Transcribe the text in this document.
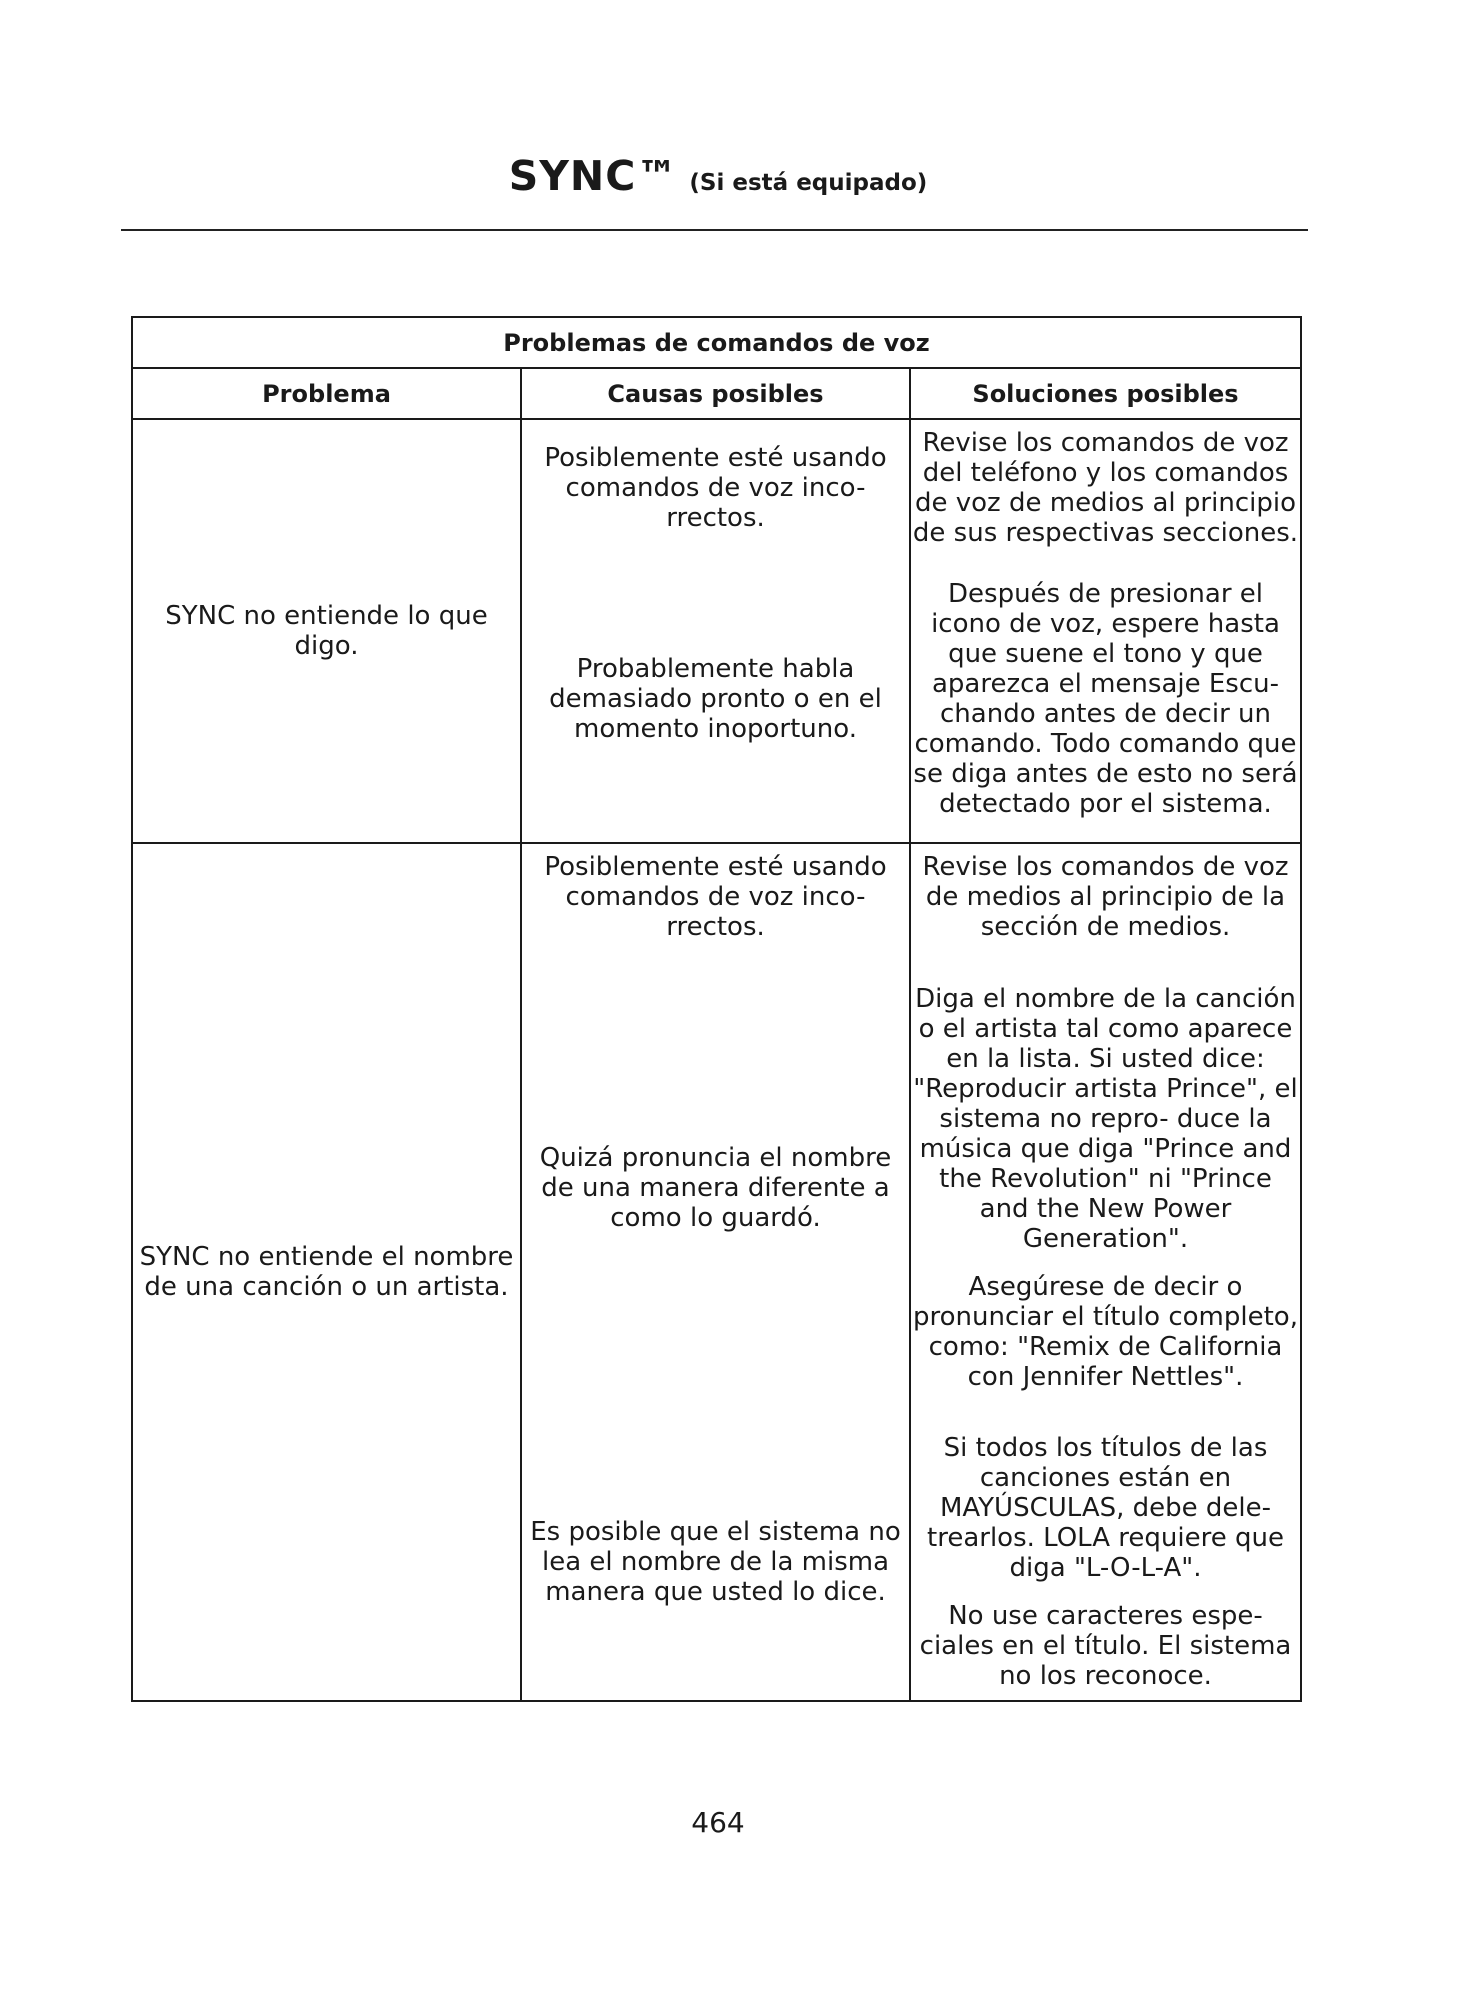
SYNC™ (Si está equipado)
Problemas de comandos de voz		
Problema	Causas posibles	Soluciones posibles
SYNC no entiende lo que digo.	Posiblemente esté usando comandos de voz inco- rrectos.	Revise los comandos de voz del teléfono y los comandos de voz de medios al principio de sus respectivas secciones.

	Probablemente habla demasiado pronto o en el momento inoportuno.	Después de presionar el icono de voz, espere hasta que suene el tono y que aparezca el mensaje Escu- chando antes de decir un comando. Todo comando que se diga antes de esto no será detectado por el sistema.

SYNC no entiende el nombre de una canción o un artista.	Posiblemente esté usando comandos de voz inco- rrectos.	Revise los comandos de voz de medios al principio de la sección de medios.

	Quizá pronuncia el nombre de una manera diferente a como lo guardó.	Diga el nombre de la canción o el artista tal como aparece en la lista. Si usted dice: "Reproducir artista Prince", el sistema no repro- duce la música que diga "Prince and the Revolution" ni "Prince and the New Power Generation".
Asegúrese de decir o pronunciar el título completo, como: "Remix de California con Jennifer Nettles".

	Es posible que el sistema no lea el nombre de la misma manera que usted lo dice.	Si todos los títulos de las canciones están en MAYÚSCULAS, debe dele- trearlos. LOLA requiere que diga "L-O-L-A".
No use caracteres espe- ciales en el título. El sistema no los reconoce.
464
